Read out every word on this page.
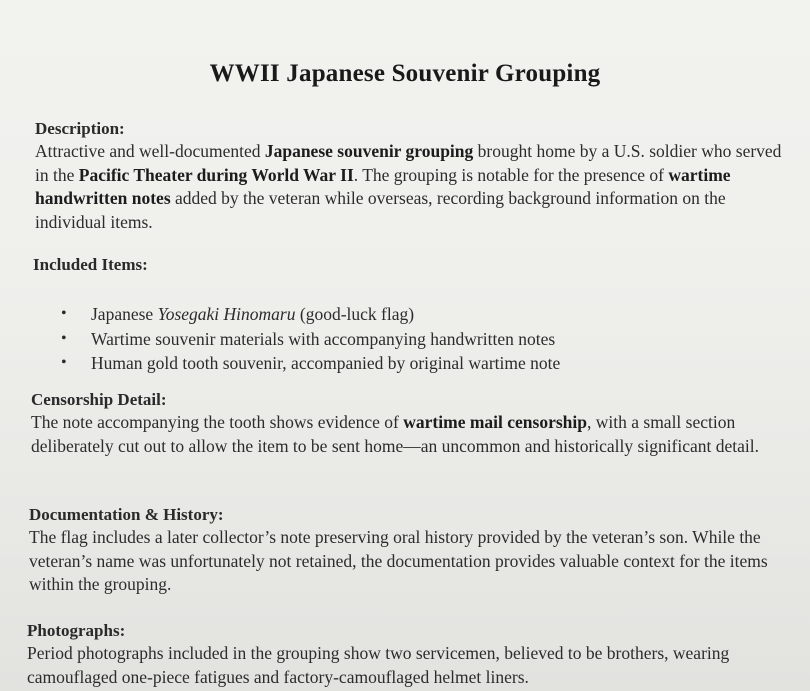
WWII Japanese Souvenir Grouping

Description:

Attractive and well-documented Japanese souvenir grouping brought home by a U.S. soldier who served in the Pacific Theater during World War II. The grouping is notable for the presence of wartime handwritten notes added by the veteran while overseas, recording background information on the individual items.

Included Items:

• Japanese Yosegaki Hinomaru (good-luck flag)
• Wartime souvenir materials with accompanying handwritten notes
• Human gold tooth souvenir, accompanied by original wartime note

Censorship Detail:

The note accompanying the tooth shows evidence of wartime mail censorship, with a small section deliberately cut out to allow the item to be sent home—an uncommon and historically significant detail.

Documentation & History:

The flag includes a later collector’s note preserving oral history provided by the veteran’s son. While the veteran’s name was unfortunately not retained, the documentation provides valuable context for the items within the grouping.

Photographs:

Period photographs included in the grouping show two servicemen, believed to be brothers, wearing camouflaged one-piece fatigues and factory-camouflaged helmet liners.
